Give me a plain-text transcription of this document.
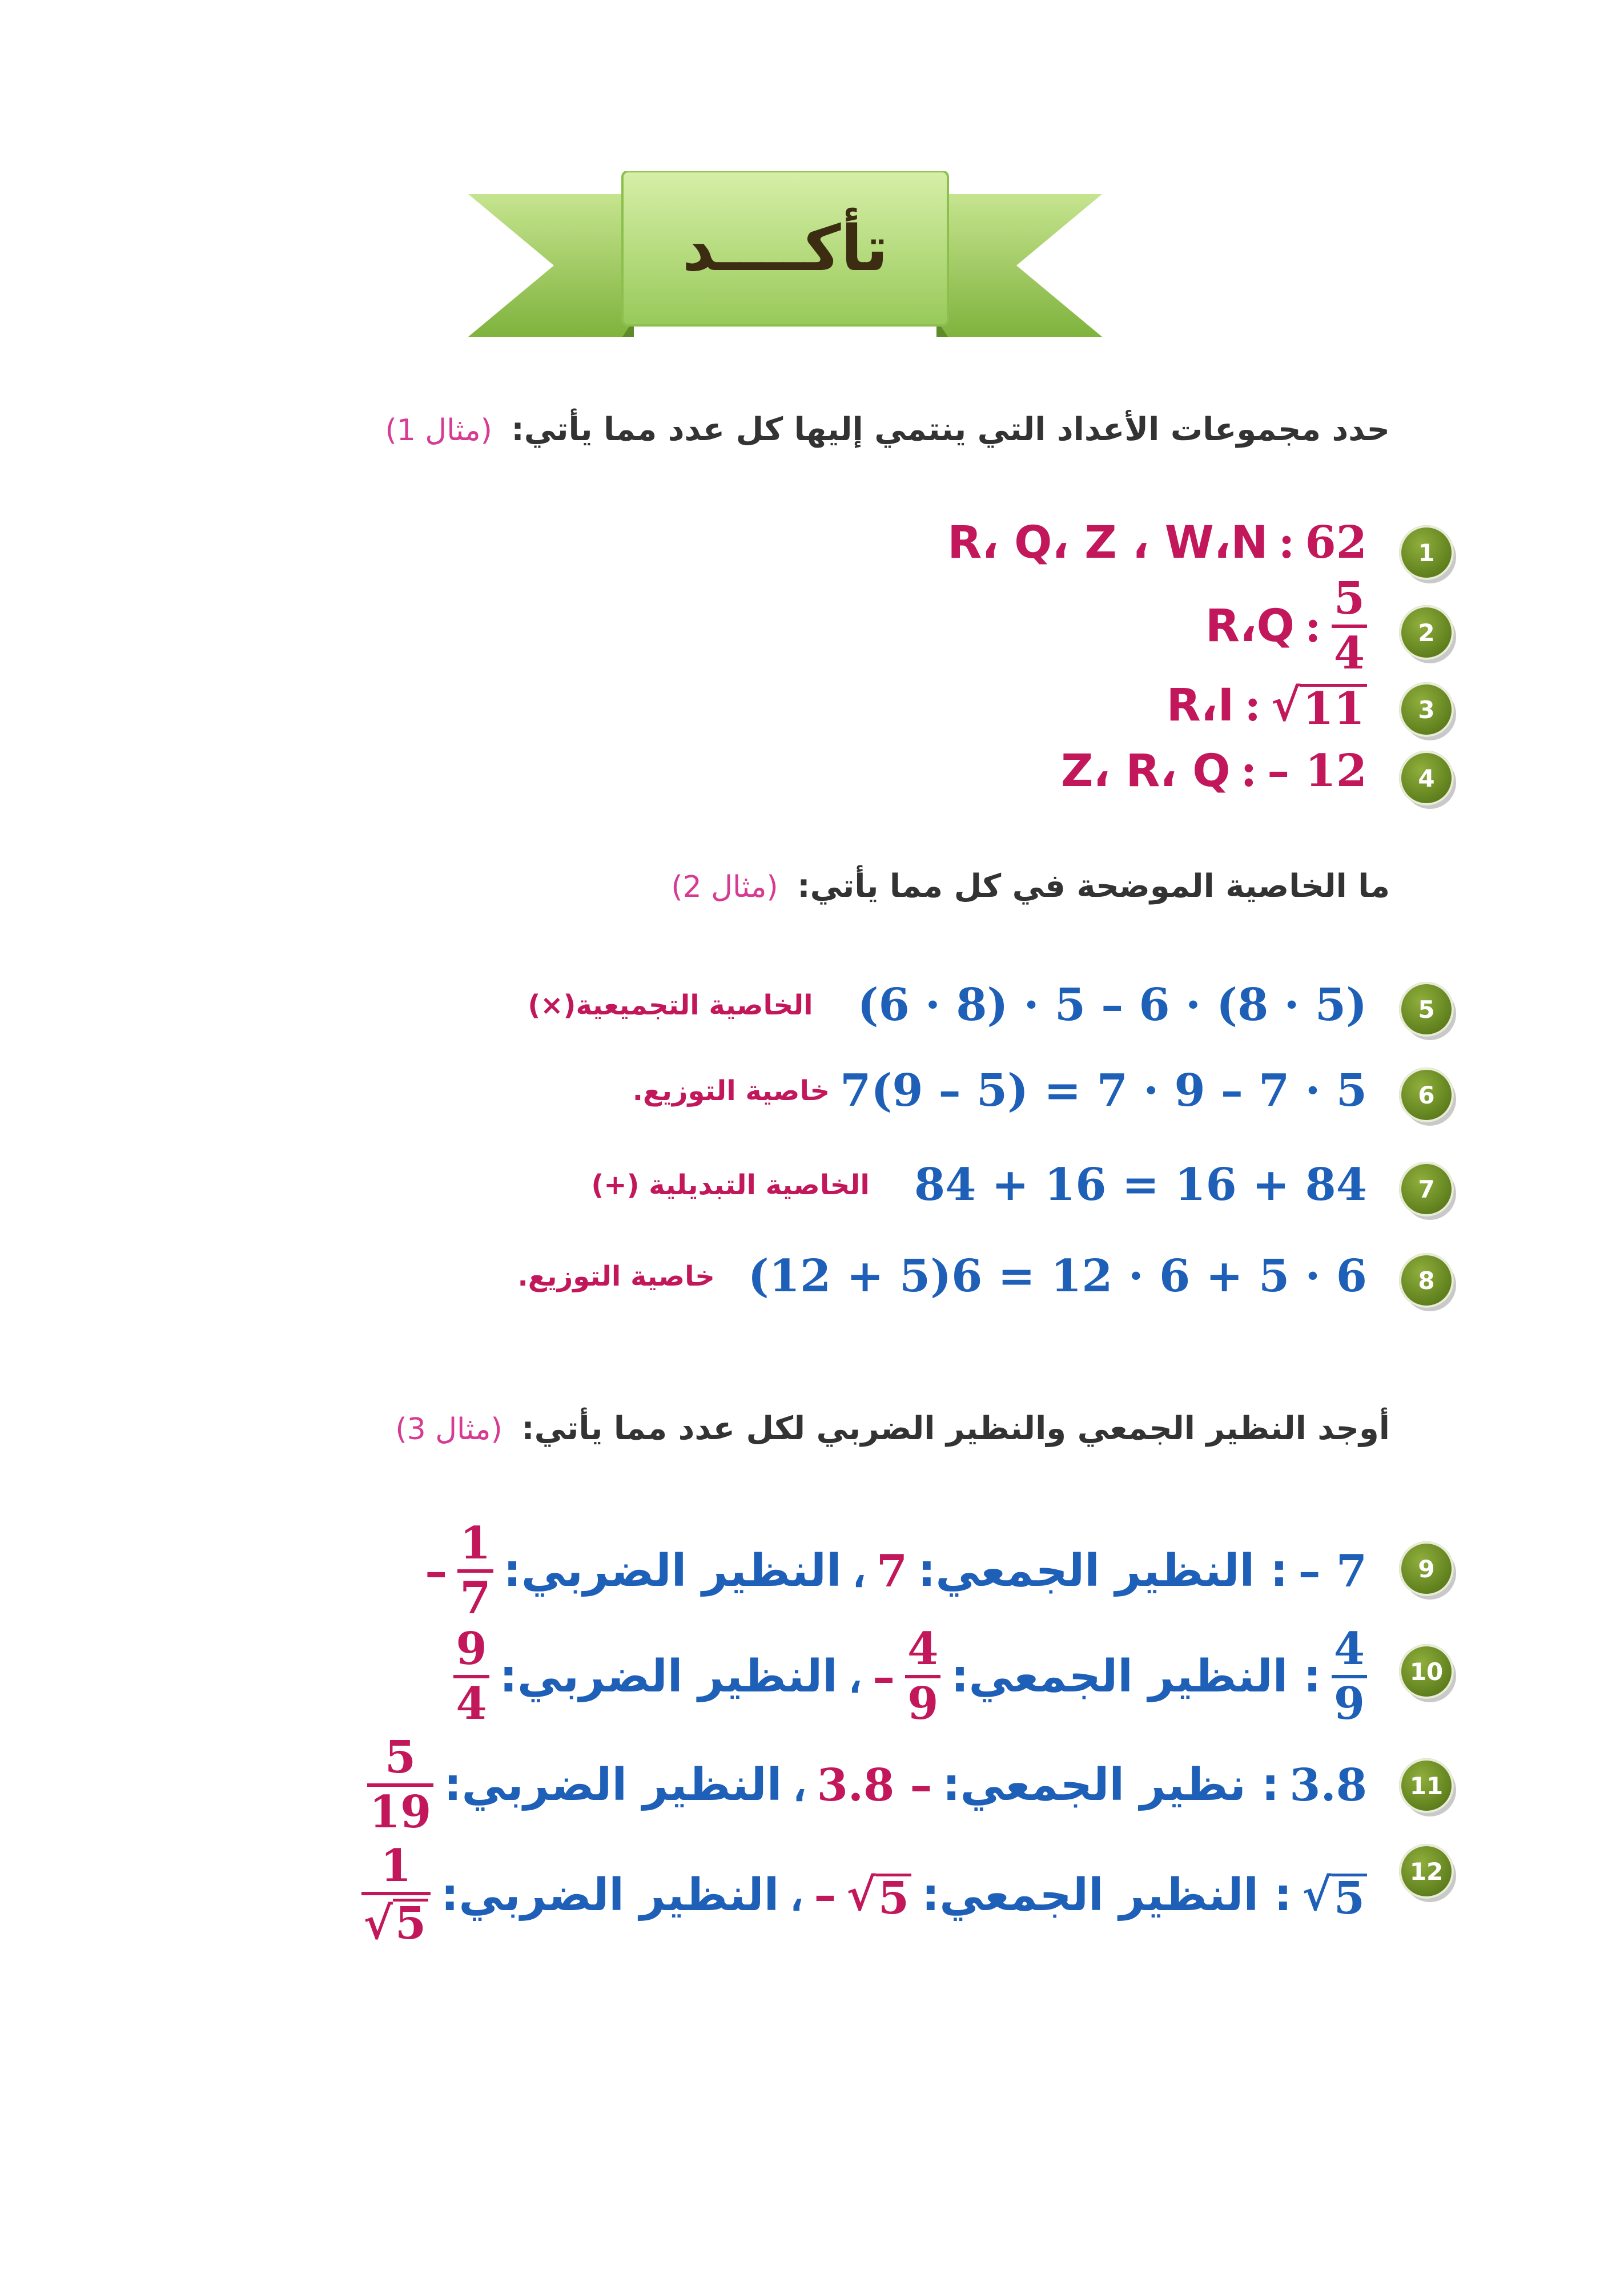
تأكــــد
حدد مجموعات الأعداد التي ينتمي إليها كل عدد مما يأتي: (مثال 1)
1
R، Q، Z ، W،N : 62
2
R،Q : $\frac{5}{4}$
3
R،I : √ 11
4
Z، R، Q : – 12
ما الخاصية الموضحة في كل مما يأتي: (مثال 2)
5
الخاصية التجميعية(×) (6 · 8) · 5 – 6 · (8 · 5)
6
خاصية التوزيع. 7(9 – 5) = 7 · 9 – 7 · 5
7
الخاصية التبديلية (+) 84 + 16 = 16 + 84
8
خاصية التوزيع. (12 + 5)6 = 12 · 6 + 5 · 6
أوجد النظير الجمعي والنظير الضربي لكل عدد مما يأتي: (مثال 3)
9
– $\frac{1}{7}$ النظير الضربي: ، 7 : النظير الجمعي: – 7
10
$\frac{9}{4}$ النظير الضربي: ، – $\frac{4}{9}$ : النظير الجمعي: $\frac{4}{9}$
11
$\frac{5}{19}$ النظير الضربي: ، 3.8 – : نظير الجمعي: 3.8
12
$\frac{1}{√ 5}$ النظير الضربي: ، – √ 5 : النظير الجمعي: √ 5
